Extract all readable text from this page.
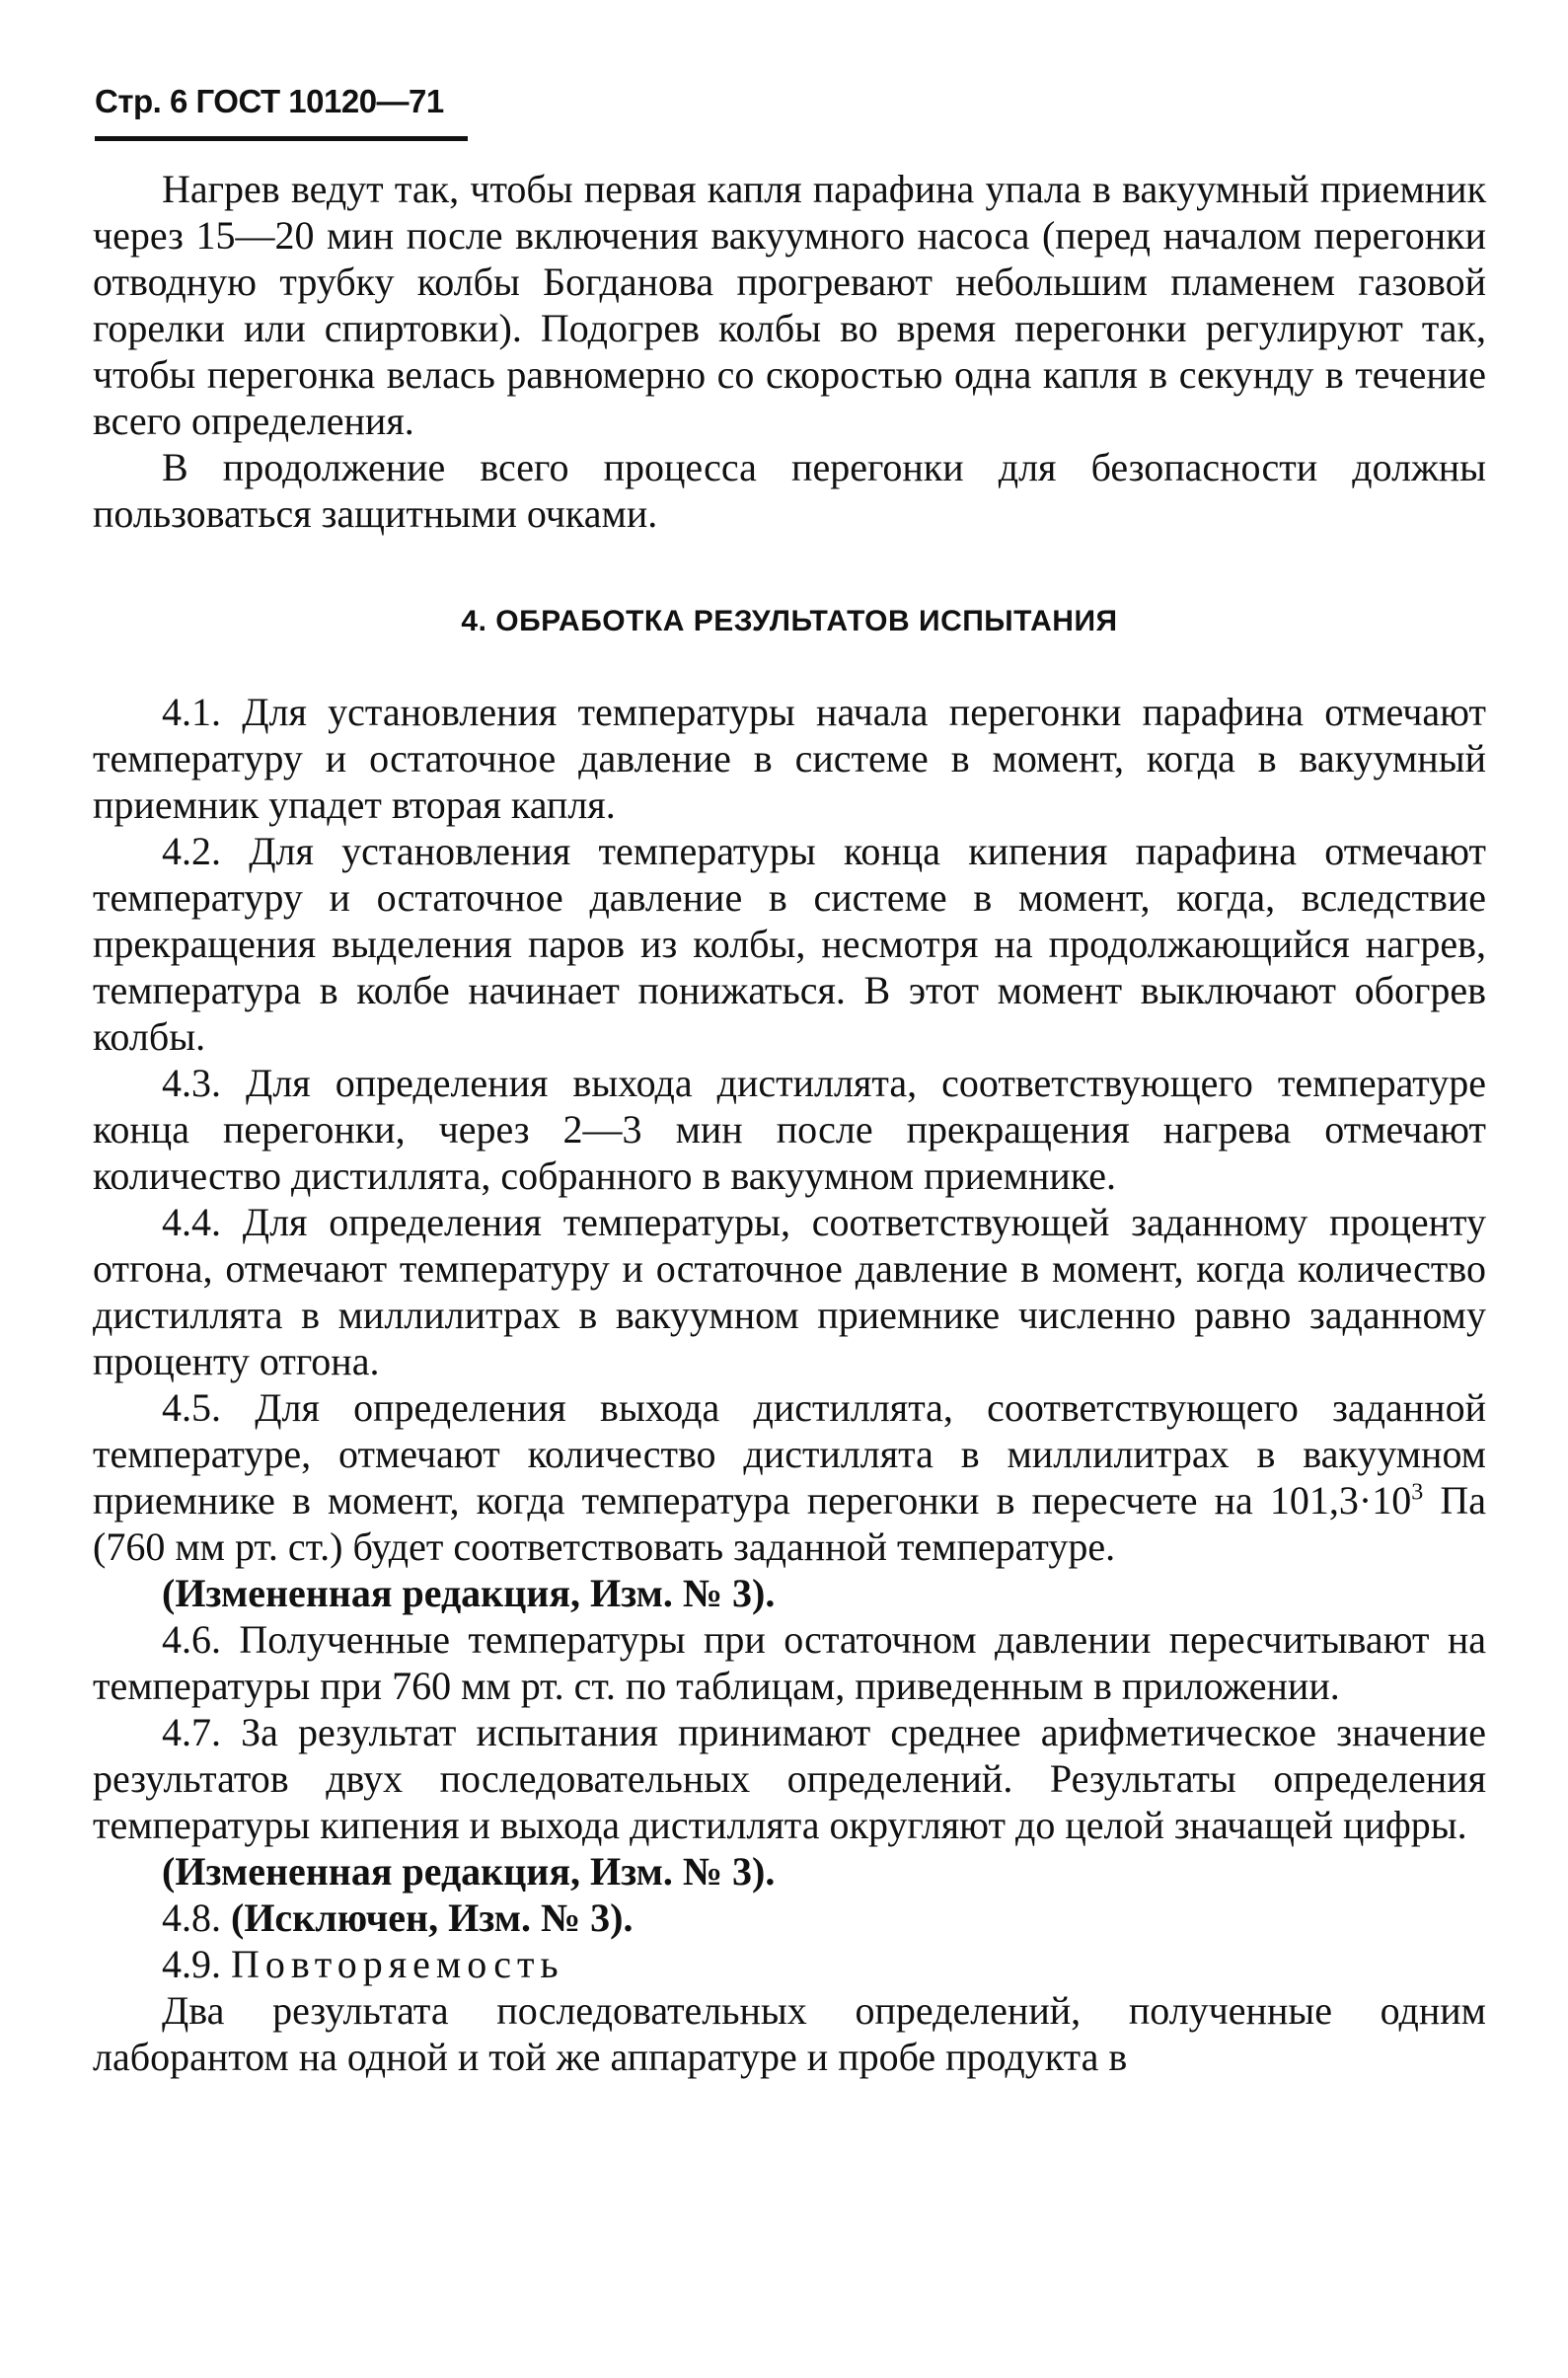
Стр. 6 ГОСТ 10120—71

Нагрев ведут так, чтобы первая капля парафина упала в вакуумный приемник через 15—20 мин после включения вакуумного насоса (перед началом перегонки отводную трубку колбы Богданова прогревают небольшим пламенем газовой горелки или спиртовки). Подогрев колбы во время перегонки регулируют так, чтобы перегонка велась равномерно со скоростью одна капля в секунду в течение всего определения.

В продолжение всего процесса перегонки для безопасности должны пользоваться защитными очками.

4. ОБРАБОТКА РЕЗУЛЬТАТОВ ИСПЫТАНИЯ

4.1. Для установления температуры начала перегонки парафина отмечают температуру и остаточное давление в системе в момент, когда в вакуумный приемник упадет вторая капля.

4.2. Для установления температуры конца кипения парафина отмечают температуру и остаточное давление в системе в момент, когда, вследствие прекращения выделения паров из колбы, несмотря на продолжающийся нагрев, температура в колбе начинает понижаться. В этот момент выключают обогрев колбы.

4.3. Для определения выхода дистиллята, соответствующего температуре конца перегонки, через 2—3 мин после прекращения нагрева отмечают количество дистиллята, собранного в вакуумном приемнике.

4.4. Для определения температуры, соответствующей заданному проценту отгона, отмечают температуру и остаточное давление в момент, когда количество дистиллята в миллилитрах в вакуумном приемнике численно равно заданному проценту отгона.

4.5. Для определения выхода дистиллята, соответствующего заданной температуре, отмечают количество дистиллята в миллилитрах в вакуумном приемнике в момент, когда температура перегонки в пересчете на $101,3\cdot 10^3$ Па (760 мм рт. ст.) будет соответствовать заданной температуре.

(Измененная редакция, Изм. № 3).

4.6. Полученные температуры при остаточном давлении пересчитывают на температуры при 760 мм рт. ст. по таблицам, приведенным в приложении.

4.7. За результат испытания принимают среднее арифметическое значение результатов двух последовательных определений. Результаты определения температуры кипения и выхода дистиллята округляют до целой значащей цифры.

(Измененная редакция, Изм. № 3).

4.8. (Исключен, Изм. № 3).

4.9. Повторяемость

Два результата последовательных определений, полученные одним лаборантом на одной и той же аппаратуре и пробе продукта в
